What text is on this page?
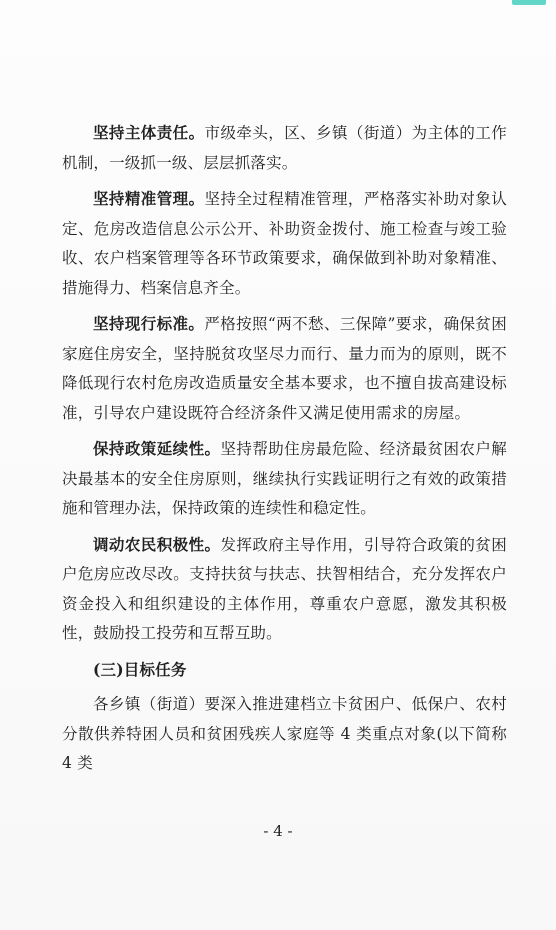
坚持主体责任。市级牵头，区、乡镇（街道）为主体的工作机制，一级抓一级、层层抓落实。

坚持精准管理。坚持全过程精准管理，严格落实补助对象认定、危房改造信息公示公开、补助资金拨付、施工检查与竣工验收、农户档案管理等各环节政策要求，确保做到补助对象精准、措施得力、档案信息齐全。

坚持现行标准。严格按照“两不愁、三保障”要求，确保贫困家庭住房安全，坚持脱贫攻坚尽力而行、量力而为的原则，既不降低现行农村危房改造质量安全基本要求，也不擅自拔高建设标准，引导农户建设既符合经济条件又满足使用需求的房屋。

保持政策延续性。坚持帮助住房最危险、经济最贫困农户解决最基本的安全住房原则，继续执行实践证明行之有效的政策措施和管理办法，保持政策的连续性和稳定性。

调动农民积极性。发挥政府主导作用，引导符合政策的贫困户危房应改尽改。支持扶贫与扶志、扶智相结合，充分发挥农户资金投入和组织建设的主体作用，尊重农户意愿，激发其积极性，鼓励投工投劳和互帮互助。

(三)目标任务

各乡镇（街道）要深入推进建档立卡贫困户、低保户、农村分散供养特困人员和贫困残疾人家庭等 4 类重点对象(以下简称 4 类

- 4 -
